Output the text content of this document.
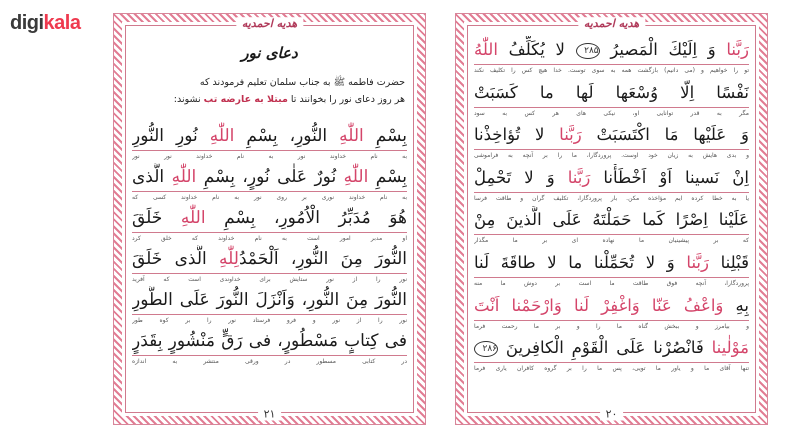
digikala	هدیه احمدیه
دعای نور
حضرت فاطمه ﷺ به جناب سلمان تعلیم فرمودند که
هر روز دعای نور را بخوانند تا مبتلا به عارضه تب نشوند:
بِسْمِ اللّٰهِ النُّورِ، بِسْمِ اللّٰهِ نُورِ النُّورِ
به نام خداوند نور به نام خداوند نور نور
بِسْمِ اللّٰهِ نُورٌ عَلٰى نُورٍ، بِسْمِ اللّٰهِ الَّذى
به نام خداوند نوری بر روی نور به نام خداوند کسی که
هُوَ مُدَبِّرُ الْاُمُورِ، بِسْمِ اللّٰهِ خَلَقَ
او مدبر امور است به نام خداوند که خلق کرد
النُّورَ مِنَ النُّورِ، اَلْحَمْدُلِلّٰهِ الَّذى خَلَقَ
نور را از نور ستایش برای خداوندی است که آفرید
النُّورَ مِنَ النُّورِ، وَاَنْزَلَ النُّورَ عَلَى الطُّورِ
نور را از نور و فرو فرستاد نور را بر کوه طور
فى كِتابٍ مَسْطُورٍ، فى رَقٍّ مَنْشُورٍ بِقَدَرٍ
در کتابی مسطور در ورقی منتشر به اندازه
۲۱
هدیه احمدیه
رَبَّنا وَ اِلَيْكَ الْمَصيرُ ۲۸۵ لا يُكَلِّفُ اللّٰهُ
تو را خواهیم و (می دانیم) بازگشت همه به سوی توست. خدا هیچ کس را تکلیف نکند
نَفْسًا اِلّا وُسْعَها لَها ما كَسَبَتْ
مگر به قدر توانایی او، نیکی های هر کس به سود
وَ عَلَيْها مَا اكْتَسَبَتْ رَبَّنا لا تُؤاخِذْنا
و بدی هایش به زیان خود اوست. پروردگارا، ما را بر آنچه به فراموشی
اِنْ نَسينا اَوْ اَخْطَأْنا رَبَّنا وَ لا تَحْمِلْ
یا به خطا کرده ایم مؤاخذه مکن. بار پروردگارا، تکلیف گران و طاقت فرسا
عَلَيْنا اِصْرًا كَما حَمَلْتَهُ عَلَى الَّذينَ مِنْ
که بر پیشینیان ما نهاده ای بر ما مگذار
قَبْلِنا رَبَّنا وَ لا تُحَمِّلْنا ما لا طاقَةَ لَنا
پروردگارا، آنچه فوق طاقت ما است بر دوش ما منه
بِهِ وَاعْفُ عَنّا وَاغْفِرْ لَنا وَارْحَمْنا اَنْتَ
و بیامرز و ببخش گناه ما را و بر ما رحمت فرما
مَوْلٰينا فَانْصُرْنا عَلَى الْقَوْمِ الْكافِرينَ ۲۸۶
تنها آقای ما و یاور ما تویی، پس ما را بر گروه کافران یاری فرما
۲۰
